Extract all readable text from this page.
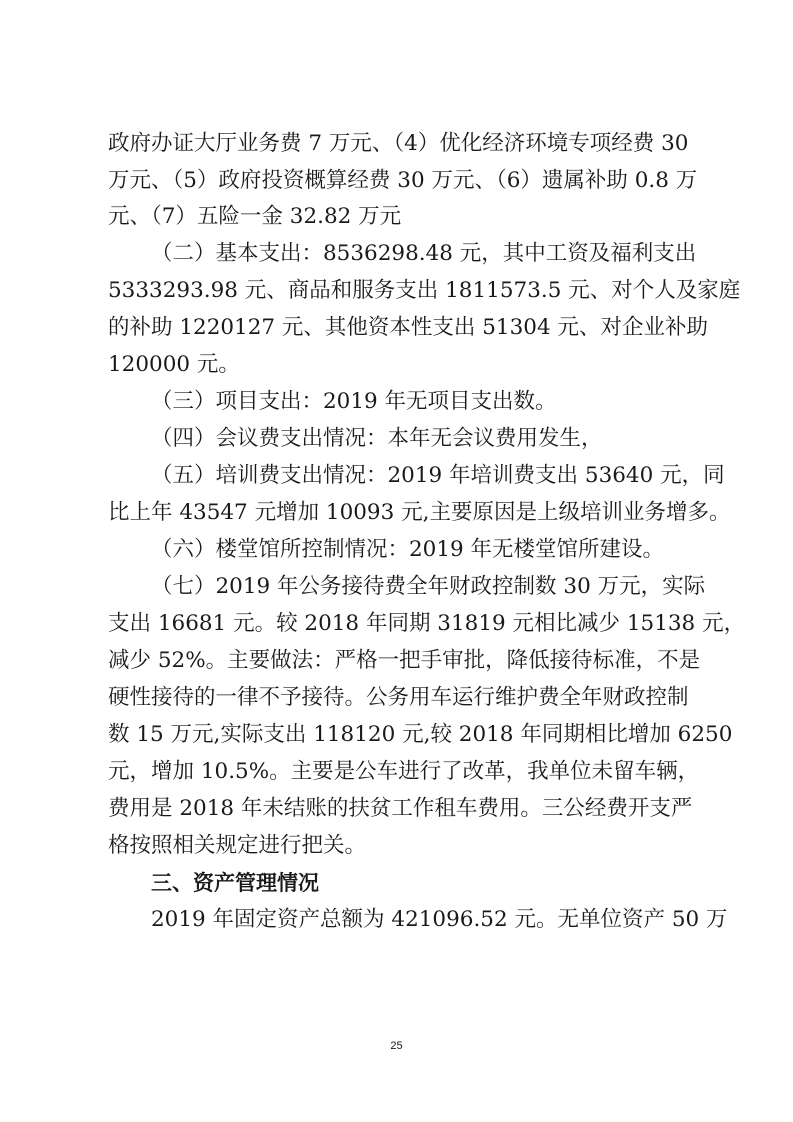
政府办证大厅业务费 7 万元、（4）优化经济环境专项经费 30
万元、（5）政府投资概算经费 30 万元、（6）遗属补助 0.8 万
元、（7）五险一金 32.82 万元
（二）基本支出：8536298.48 元，其中工资及福利支出
5333293.98 元、商品和服务支出 1811573.5 元、对个人及家庭
的补助 1220127 元、其他资本性支出 51304 元、对企业补助
120000 元。
（三）项目支出：2019 年无项目支出数。
（四）会议费支出情况：本年无会议费用发生，
（五）培训费支出情况：2019 年培训费支出 53640 元，同
比上年 43547 元增加 10093 元,主要原因是上级培训业务增多。
（六）楼堂馆所控制情况：2019 年无楼堂馆所建设。
（七）2019 年公务接待费全年财政控制数 30 万元，实际
支出 16681 元。较 2018 年同期 31819 元相比减少 15138 元，
减少 52%。主要做法：严格一把手审批，降低接待标准，不是
硬性接待的一律不予接待。公务用车运行维护费全年财政控制
数 15 万元,实际支出 118120 元,较 2018 年同期相比增加 6250
元，增加 10.5%。主要是公车进行了改革，我单位未留车辆，
费用是 2018 年未结账的扶贫工作租车费用。三公经费开支严
格按照相关规定进行把关。
三、资产管理情况
2019 年固定资产总额为 421096.52 元。无单位资产 50 万
25
